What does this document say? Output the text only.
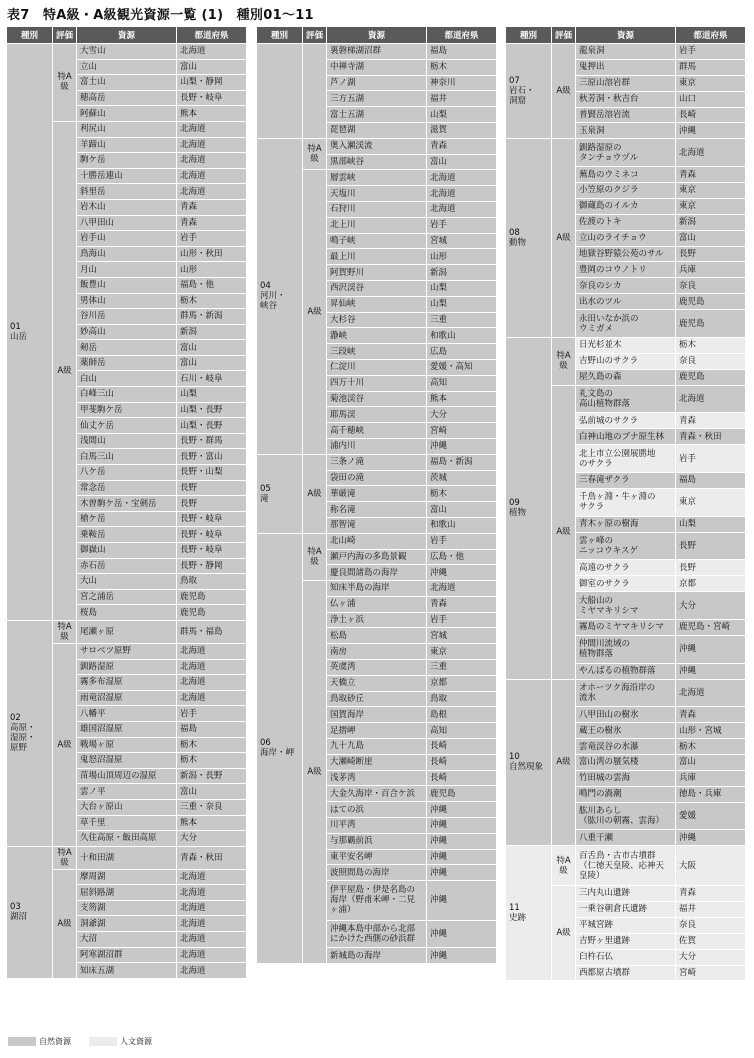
表7　特A級・A級観光資源一覧 (1)　種別01～11
種別	評価	資源	都道府県
01
山岳	特A級	大雪山	北海道
		立山	富山
		富士山	山梨・静岡
		穂高岳	長野・岐阜
		阿蘇山	熊本
	A級	利尻山	北海道
		羊蹄山	北海道
		駒ケ岳	北海道
		十勝岳連山	北海道
		斜里岳	北海道
		岩木山	青森
		八甲田山	青森
		岩手山	岩手
		鳥海山	山形・秋田
		月山	山形
		飯豊山	福島・他
		男体山	栃木
		谷川岳	群馬・新潟
		妙高山	新潟
		剱岳	富山
		薬師岳	富山
		白山	石川・岐阜
		白峰三山	山梨
		甲斐駒ケ岳	山梨・長野
		仙丈ケ岳	山梨・長野
		浅間山	長野・群馬
		白馬三山	長野・富山
		八ケ岳	長野・山梨
		常念岳	長野
		木曽駒ケ岳・宝剣岳	長野
		槍ケ岳	長野・岐阜
		乗鞍岳	長野・岐阜
		御嶽山	長野・岐阜
		赤石岳	長野・静岡
		大山	鳥取
		宮之浦岳	鹿児島
		桜島	鹿児島
02
高原・
湿原・
原野	特A級	尾瀬ヶ原	群馬・福島
	A級	サロベツ原野	北海道
		釧路湿原	北海道
		霧多布湿原	北海道
		雨竜沼湿原	北海道
		八幡平	岩手
		雄国沼湿原	福島
		戦場ヶ原	栃木
		鬼怒沼湿原	栃木
		苗場山頂周辺の湿原	新潟・長野
		雲ノ平	富山
		大台ヶ原山	三重・奈良
		草千里	熊本
		久住高原・飯田高原	大分
03
湖沼	特A級	十和田湖	青森・秋田
	A級	摩周湖	北海道
		屈斜路湖	北海道
		支笏湖	北海道
		洞爺湖	北海道
		大沼	北海道
		阿寒湖沼群	北海道
		知床五湖	北海道
種別	評価	資源	都道府県
		裏磐梯湖沼群	福島
		中禅寺湖	栃木
		芦ノ湖	神奈川
		三方五湖	福井
		富士五湖	山梨
		琵琶湖	滋賀
04
河川・
峡谷	特A級	奥入瀬渓流	青森
		黒部峡谷	富山
	A級	層雲峡	北海道
		天塩川	北海道
		石狩川	北海道
		北上川	岩手
		鳴子峡	宮城
		最上川	山形
		阿賀野川	新潟
		西沢渓谷	山梨
		昇仙峡	山梨
		大杉谷	三重
		瀞峡	和歌山
		三段峡	広島
		仁淀川	愛媛・高知
		四万十川	高知
		菊池渓谷	熊本
		耶馬渓	大分
		高千穂峡	宮崎
		浦内川	沖縄
05
滝	A級	三条ノ滝	福島・新潟
		袋田の滝	茨城
		華厳滝	栃木
		称名滝	富山
		那智滝	和歌山
06
海岸・岬	特A級	北山崎	岩手
		瀬戸内海の多島景観	広島・他
		慶良間諸島の海岸	沖縄
	A級	知床半島の海岸	北海道
		仏ヶ浦	青森
		浄土ヶ浜	岩手
		松島	宮城
		南房	東京
		英虞湾	三重
		天橋立	京都
		鳥取砂丘	鳥取
		国賀海岸	島根
		足摺岬	高知
		九十九島	長崎
		大瀬崎断崖	長崎
		浅茅湾	長崎
		大金久海岸・百合ケ浜	鹿児島
		はての浜	沖縄
		川平湾	沖縄
		与那覇前浜	沖縄
		東平安名岬	沖縄
		波照間島の海岸	沖縄
		伊平屋島・伊是名島の海岸（野甫米岬・二見ヶ浦）	沖縄
		沖縄本島中部から北部にかけた西側の砂浜群	沖縄
		新城島の海岸	沖縄
種別	評価	資源	都道府県
07
岩石・
洞窟	A級	龍泉洞	岩手
		鬼押出	群馬
		三原山溶岩群	東京
		秋芳洞・秋吉台	山口
		普賢岳溶岩流	長崎
		玉泉洞	沖縄
08
動物	A級	釧路湿原の
タンチョウヅル	北海道
		蕪島のウミネコ	青森
		小笠原のクジラ	東京
		御蔵島のイルカ	東京
		佐渡のトキ	新潟
		立山のライチョウ	富山
		地獄谷野猿公苑のサル	長野
		豊岡のコウノトリ	兵庫
		奈良のシカ	奈良
		出水のツル	鹿児島
		永田いなか浜の
ウミガメ	鹿児島
09
植物	特A級	日光杉並木	栃木
		吉野山のサクラ	奈良
		屋久島の森	鹿児島
	A級	礼文島の
高山植物群落	北海道
		弘前城のサクラ	青森
		白神山地のブナ原生林	青森・秋田
		北上市立公園展勝地
のサクラ	岩手
		三春滝ザクラ	福島
		千鳥ヶ淵・牛ヶ淵の
サクラ	東京
		青木ヶ原の樹海	山梨
		雲ヶ峰の
ニッコウキスゲ	長野
		高遠のサクラ	長野
		御室のサクラ	京都
		大船山の
ミヤマキリシマ	大分
		霧島のミヤマキリシマ	鹿児島・宮崎
		仲間川流域の
植物群落	沖縄
		やんばるの植物群落	沖縄
10
自然現象	A級	オホーツク海沿岸の
流氷	北海道
		八甲田山の樹氷	青森
		蔵王の樹氷	山形・宮城
		雲竜渓谷の氷瀑	栃木
		富山湾の蜃気楼	富山
		竹田城の雲海	兵庫
		鳴門の渦潮	徳島・兵庫
		肱川あらし
（肱川の朝霧、雲海）	愛媛
		八重干瀬	沖縄
11
史跡	特A級	百舌鳥・古市古墳群
（仁徳天皇陵、応神天
皇陵）	大阪
	A級	三内丸山遺跡	青森
		一乗谷朝倉氏遺跡	福井
		平城宮跡	奈良
		吉野ヶ里遺跡	佐賀
		臼杵石仏	大分
		西都原古墳群	宮崎
自然資源	人文資源
